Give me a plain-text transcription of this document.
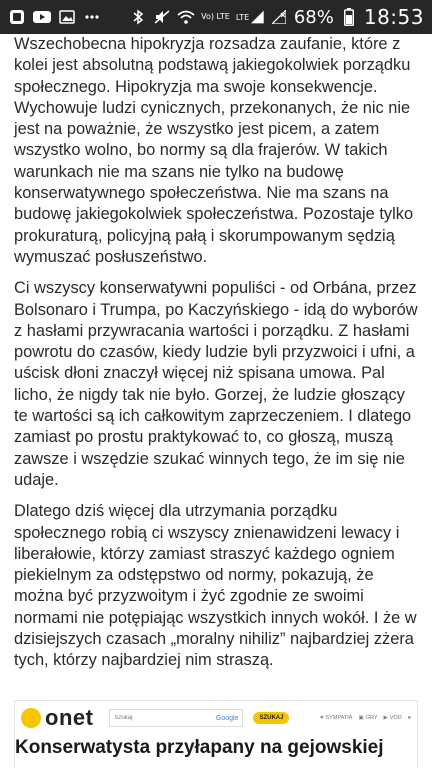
Vo) LTE LTE 68% 18:53

Wszechobecna hipokryzja rozsadza zaufanie, które z kolei jest absolutną podstawą jakiegokolwiek porządku społecznego. Hipokryzja ma swoje konsekwencje. Wychowuje ludzi cynicznych, przekonanych, że nic nie jest na poważnie, że wszystko jest picem, a zatem wszystko wolno, bo normy są dla frajerów. W takich warunkach nie ma szans nie tylko na budowę konserwatywnego społeczeństwa. Nie ma szans na budowę jakiegokolwiek społeczeństwa. Pozostaje tylko prokuraturą, policyjną pałą i skorumpowanym sędzią wymuszać posłuszeństwo.

Ci wszyscy konserwatywni populiści - od Orbána, przez Bolsonaro i Trumpa, po Kaczyńskiego - idą do wyborów z hasłami przywracania wartości i porządku. Z hasłami powrotu do czasów, kiedy ludzie byli przyzwoici i ufni, a uścisk dłoni znaczył więcej niż spisana umowa. Pal licho, że nigdy tak nie było. Gorzej, że ludzie głoszący te wartości są ich całkowitym zaprzeczeniem. I dlatego zamiast po prostu praktykować to, co głoszą, muszą zawsze i wszędzie szukać winnych tego, że im się nie udaje.

Dlatego dziś więcej dla utrzymania porządku społecznego robią ci wszyscy znienawidzeni lewacy i liberałowie, którzy zamiast straszyć każdego ogniem piekielnym za odstępstwo od normy, pokazują, że można być przyzwoitym i żyć zgodnie ze swoimi normami nie potępiając wszystkich innych wokół. I że w dzisiejszych czasach „moralny nihiliz” najbardziej zżera tych, którzy najbardziej nim straszą.

onet
Szukaj	Google	SZUKAJ	♥ SYMPATIA ▣ GRY ▶ VOD ●
Konserwatysta przyłapany na gejowskiej
